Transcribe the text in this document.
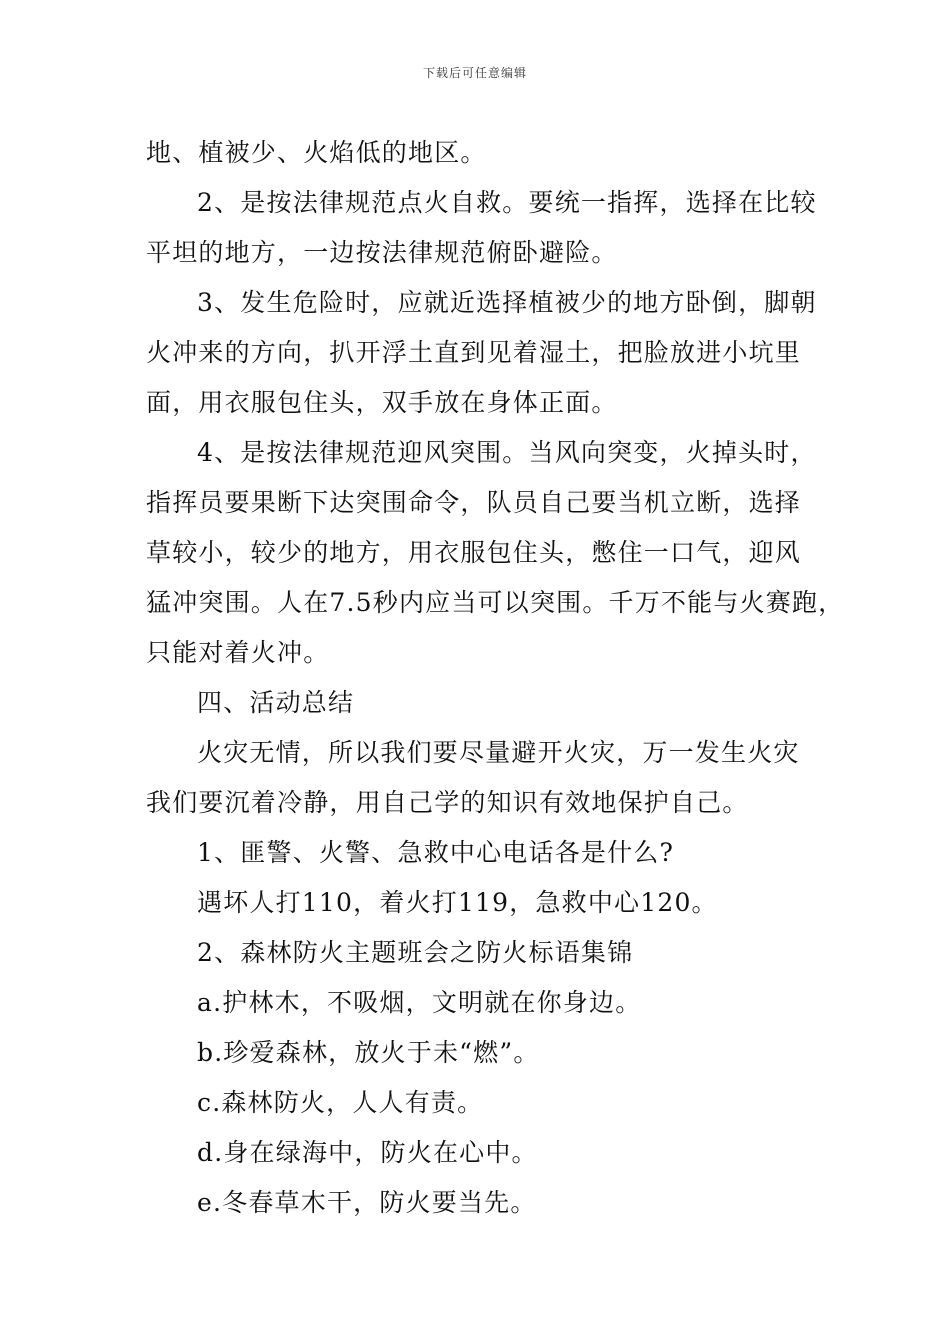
下载后可任意编辑
地、植被少、火焰低的地区。
2、是按法律规范点火自救。要统一指挥，选择在比较
平坦的地方，一边按法律规范俯卧避险。
3、发生危险时，应就近选择植被少的地方卧倒，脚朝
火冲来的方向，扒开浮土直到见着湿土，把脸放进小坑里
面，用衣服包住头，双手放在身体正面。
4、是按法律规范迎风突围。当风向突变，火掉头时，
指挥员要果断下达突围命令，队员自己要当机立断，选择
草较小，较少的地方，用衣服包住头，憋住一口气，迎风
猛冲突围。人在7.5秒内应当可以突围。千万不能与火赛跑，
只能对着火冲。
四、活动总结
火灾无情，所以我们要尽量避开火灾，万一发生火灾
我们要沉着冷静，用自己学的知识有效地保护自己。
1、匪警、火警、急救中心电话各是什么?
遇坏人打110，着火打119，急救中心120。
2、森林防火主题班会之防火标语集锦
a.护林木，不吸烟，文明就在你身边。
b.珍爱森林，放火于未“燃”。
c.森林防火，人人有责。
d.身在绿海中，防火在心中。
e.冬春草木干，防火要当先。
